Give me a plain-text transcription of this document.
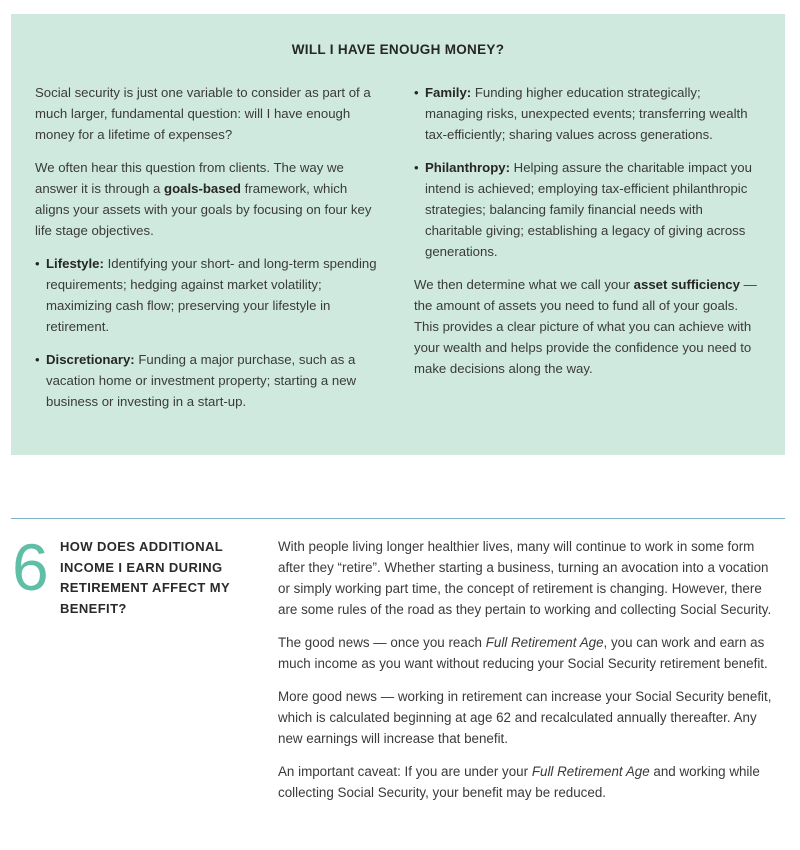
WILL I HAVE ENOUGH MONEY?

Social security is just one variable to consider as part of a much larger, fundamental question: will I have enough money for a lifetime of expenses?

We often hear this question from clients. The way we answer it is through a goals-based framework, which aligns your assets with your goals by focusing on four key life stage objectives.

• Lifestyle: Identifying your short- and long-term spending requirements; hedging against market volatility; maximizing cash flow; preserving your lifestyle in retirement.
• Discretionary: Funding a major purchase, such as a vacation home or investment property; starting a new business or investing in a start-up.
• Family: Funding higher education strategically; managing risks, unexpected events; transferring wealth tax-efficiently; sharing values across generations.
• Philanthropy: Helping assure the charitable impact you intend is achieved; employing tax-efficient philanthropic strategies; balancing family financial needs with charitable giving; establishing a legacy of giving across generations.

We then determine what we call your asset sufficiency — the amount of assets you need to fund all of your goals. This provides a clear picture of what you can achieve with your wealth and helps provide the confidence you need to make decisions along the way.

6 HOW DOES ADDITIONAL INCOME I EARN DURING RETIREMENT AFFECT MY BENEFIT?

With people living longer healthier lives, many will continue to work in some form after they “retire”. Whether starting a business, turning an avocation into a vocation or simply working part time, the concept of retirement is changing. However, there are some rules of the road as they pertain to working and collecting Social Security.

The good news — once you reach Full Retirement Age, you can work and earn as much income as you want without reducing your Social Security retirement benefit.

More good news — working in retirement can increase your Social Security benefit, which is calculated beginning at age 62 and recalculated annually thereafter. Any new earnings will increase that benefit.

An important caveat: If you are under your Full Retirement Age and working while collecting Social Security, your benefit may be reduced.
